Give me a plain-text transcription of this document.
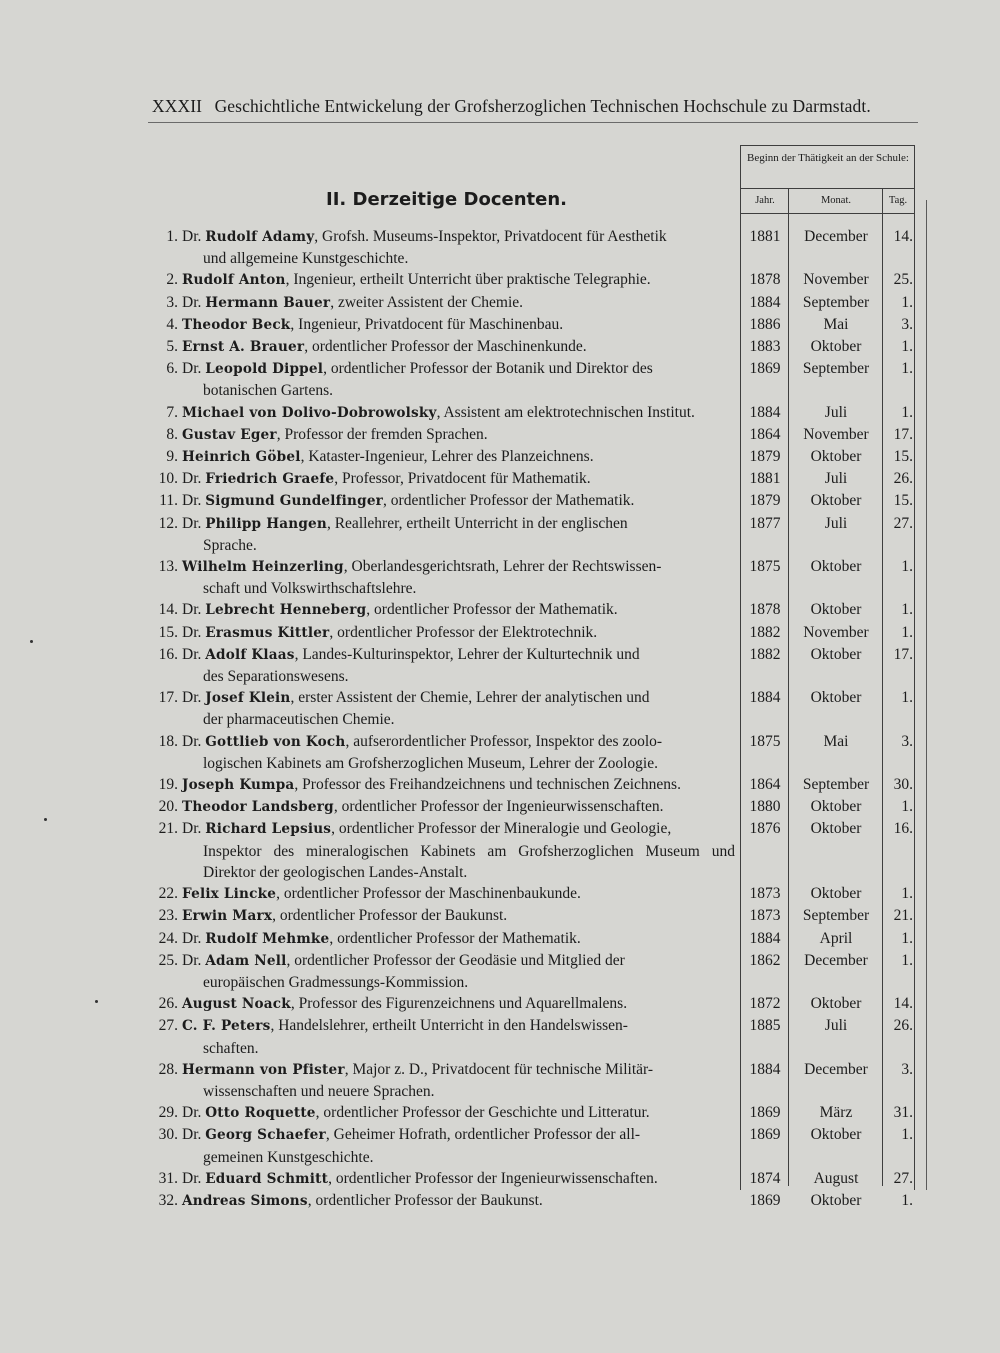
XXXII Geschichtliche Entwickelung der Grofsherzoglichen Technischen Hochschule zu Darmstadt.
II. Derzeitige Docenten.
Beginn der Thätigkeit an der Schule:
Jahr.	Monat.	Tag.
1. Dr. Rudolf Adamy, Grofsh. Museums-Inspektor, Privatdocent für Aesthetik
und allgemeine Kunstgeschichte.
1881	December	14.
2. Rudolf Anton, Ingenieur, ertheilt Unterricht über praktische Telegraphie.	1878	November	25.
3. Dr. Hermann Bauer, zweiter Assistent der Chemie.	1884	September	1.
4. Theodor Beck, Ingenieur, Privatdocent für Maschinenbau.	1886	Mai	3.
5. Ernst A. Brauer, ordentlicher Professor der Maschinenkunde.	1883	Oktober	1.
6. Dr. Leopold Dippel, ordentlicher Professor der Botanik und Direktor des
botanischen Gartens.
1869	September	1.
7. Michael von Dolivo-Dobrowolsky, Assistent am elektrotechnischen Institut.	1884	Juli	1.
8. Gustav Eger, Professor der fremden Sprachen.	1864	November	17.
9. Heinrich Göbel, Kataster-Ingenieur, Lehrer des Planzeichnens.	1879	Oktober	15.
10. Dr. Friedrich Graefe, Professor, Privatdocent für Mathematik.	1881	Juli	26.
11. Dr. Sigmund Gundelfinger, ordentlicher Professor der Mathematik.	1879	Oktober	15.
12. Dr. Philipp Hangen, Reallehrer, ertheilt Unterricht in der englischen
Sprache.
1877	Juli	27.
13. Wilhelm Heinzerling, Oberlandesgerichtsrath, Lehrer der Rechtswissen-
schaft und Volkswirthschaftslehre.
1875	Oktober	1.
14. Dr. Lebrecht Henneberg, ordentlicher Professor der Mathematik.	1878	Oktober	1.
15. Dr. Erasmus Kittler, ordentlicher Professor der Elektrotechnik.	1882	November	1.
16. Dr. Adolf Klaas, Landes-Kulturinspektor, Lehrer der Kulturtechnik und
des Separationswesens.
1882	Oktober	17.
17. Dr. Josef Klein, erster Assistent der Chemie, Lehrer der analytischen und
der pharmaceutischen Chemie.
1884	Oktober	1.
18. Dr. Gottlieb von Koch, aufserordentlicher Professor, Inspektor des zoolo-
logischen Kabinets am Grofsherzoglichen Museum, Lehrer der Zoologie.
1875	Mai	3.
19. Joseph Kumpa, Professor des Freihandzeichnens und technischen Zeichnens.	1864	September	30.
20. Theodor Landsberg, ordentlicher Professor der Ingenieurwissenschaften.	1880	Oktober	1.
21. Dr. Richard Lepsius, ordentlicher Professor der Mineralogie und Geologie,
Inspektor des mineralogischen Kabinets am Grofsherzoglichen Museum und Direktor der geologischen Landes-Anstalt.
1876	Oktober	16.
22. Felix Lincke, ordentlicher Professor der Maschinenbaukunde.	1873	Oktober	1.
23. Erwin Marx, ordentlicher Professor der Baukunst.	1873	September	21.
24. Dr. Rudolf Mehmke, ordentlicher Professor der Mathematik.	1884	April	1.
25. Dr. Adam Nell, ordentlicher Professor der Geodäsie und Mitglied der
europäischen Gradmessungs-Kommission.
1862	December	1.
26. August Noack, Professor des Figurenzeichnens und Aquarellmalens.	1872	Oktober	14.
27. C. F. Peters, Handelslehrer, ertheilt Unterricht in den Handelswissen-
schaften.
1885	Juli	26.
28. Hermann von Pfister, Major z. D., Privatdocent für technische Militär-
wissenschaften und neuere Sprachen.
1884	December	3.
29. Dr. Otto Roquette, ordentlicher Professor der Geschichte und Litteratur.	1869	März	31.
30. Dr. Georg Schaefer, Geheimer Hofrath, ordentlicher Professor der all-
gemeinen Kunstgeschichte.
1869	Oktober	1.
31. Dr. Eduard Schmitt, ordentlicher Professor der Ingenieurwissenschaften.	1874	August	27.
32. Andreas Simons, ordentlicher Professor der Baukunst.	1869	Oktober	1.
